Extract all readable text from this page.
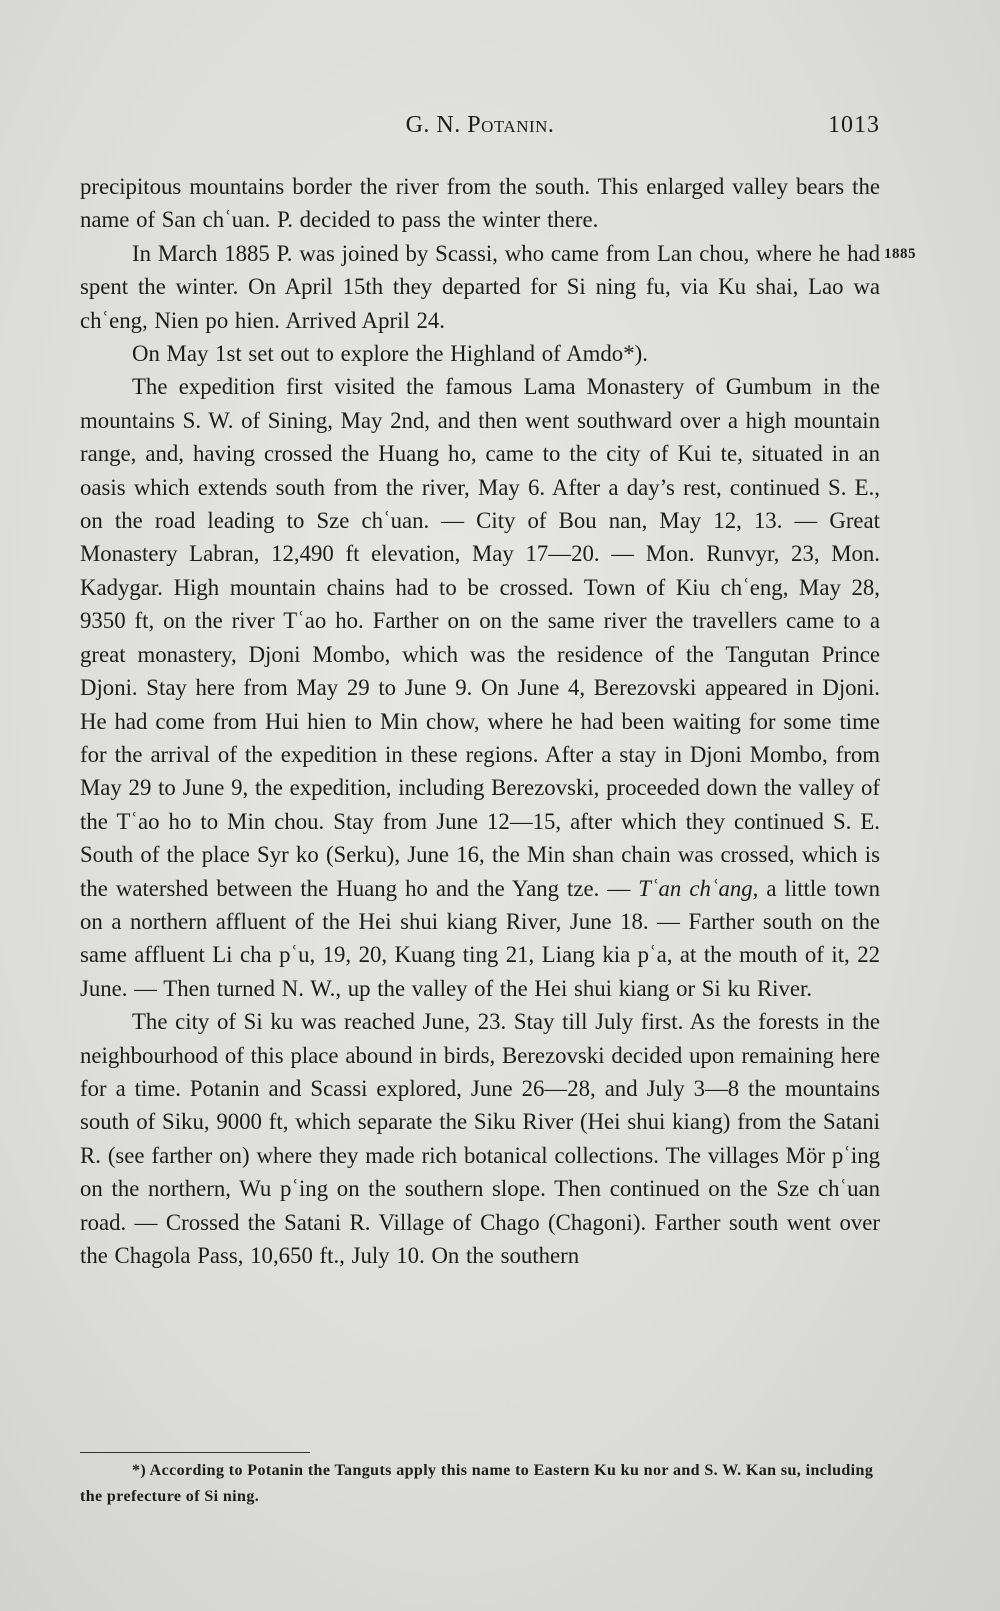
G. N. Potanin.	1013
1885

precipitous mountains border the river from the south. This enlarged valley bears the name of San chʿuan. P. decided to pass the winter there.

In March 1885 P. was joined by Scassi, who came from Lan chou, where he had spent the winter. On April 15th they departed for Si ning fu, via Ku shai, Lao wa chʿeng, Nien po hien. Arrived April 24.

On May 1st set out to explore the Highland of Amdo*).

The expedition first visited the famous Lama Monastery of Gumbum in the mountains S. W. of Sining, May 2nd, and then went southward over a high mountain range, and, having crossed the Huang ho, came to the city of Kui te, situated in an oasis which extends south from the river, May 6. After a day’s rest, continued S. E., on the road leading to Sze chʿuan. — City of Bou nan, May 12, 13. — Great Monastery Labran, 12,490 ft elevation, May 17—20. — Mon. Runvyr, 23, Mon. Kadygar. High mountain chains had to be crossed. Town of Kiu chʿeng, May 28, 9350 ft, on the river Tʿao ho. Farther on on the same river the travellers came to a great monastery, Djoni Mombo, which was the residence of the Tangutan Prince Djoni. Stay here from May 29 to June 9. On June 4, Berezovski appeared in Djoni. He had come from Hui hien to Min chow, where he had been waiting for some time for the arrival of the expedition in these regions. After a stay in Djoni Mombo, from May 29 to June 9, the expedition, including Berezovski, proceeded down the valley of the Tʿao ho to Min chou. Stay from June 12—15, after which they continued S. E. South of the place Syr ko (Serku), June 16, the Min shan chain was crossed, which is the watershed between the Huang ho and the Yang tze. — Tʿan chʿang, a little town on a northern affluent of the Hei shui kiang River, June 18. — Farther south on the same affluent Li cha pʿu, 19, 20, Kuang ting 21, Liang kia pʿa, at the mouth of it, 22 June. — Then turned N. W., up the valley of the Hei shui kiang or Si ku River.

The city of Si ku was reached June, 23. Stay till July first. As the forests in the neighbourhood of this place abound in birds, Berezovski decided upon remaining here for a time. Potanin and Scassi explored, June 26—28, and July 3—8 the mountains south of Siku, 9000 ft, which separate the Siku River (Hei shui kiang) from the Satani R. (see farther on) where they made rich botanical collections. The villages Mör pʿing on the northern, Wu pʿing on the southern slope. Then continued on the Sze chʿuan road. — Crossed the Satani R. Village of Chago (Chagoni). Farther south went over the Chagola Pass, 10,650 ft., July 10. On the southern

*) According to Potanin the Tanguts apply this name to Eastern Ku ku nor and S. W. Kan su, including the prefecture of Si ning.
